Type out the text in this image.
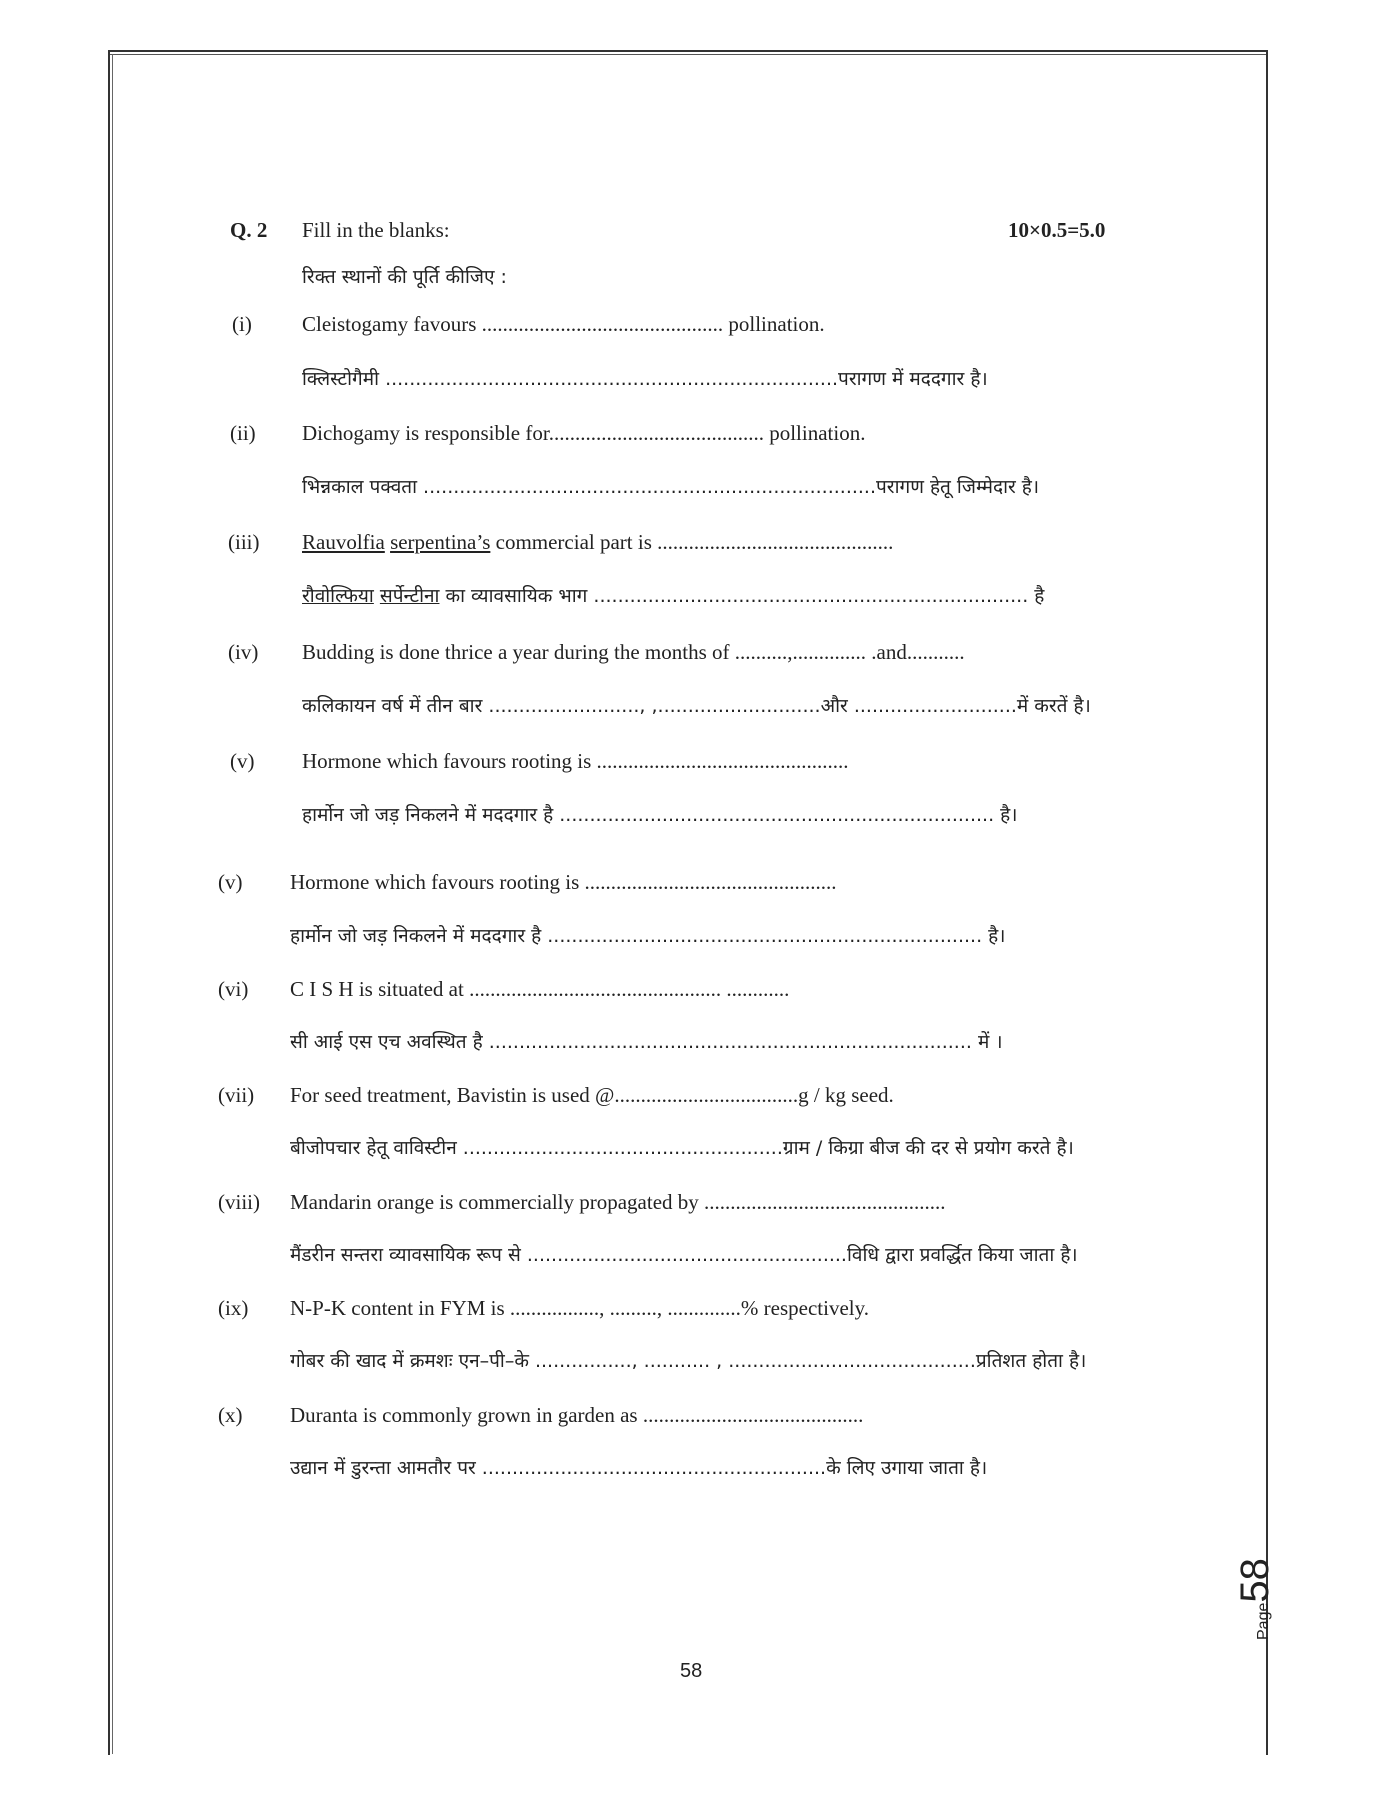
Q. 2 Fill in the blanks:	10×0.5=5.0
रिक्त स्थानों की पूर्ति कीजिए :
(i) Cleistogamy favours .............................................. pollination.
क्लिस्टोगैमी ...........................................................................परागण में मददगार है।
(ii) Dichogamy is responsible for......................................... pollination.
भिन्नकाल पक्वता ...........................................................................परागण हेतू जिम्मेदार है।
(iii) Rauvolfia serpentina’s commercial part is .............................................
रौवोल्फिया सर्पेन्टीना का व्यावसायिक भाग ........................................................................ है
(iv) Budding is done thrice a year during the months of ..........,.............. .and...........
कलिकायन वर्ष में तीन बार ........................., ,...........................और ...........................में करतें है।
(v) Hormone which favours rooting is ................................................
हार्मोन जो जड़ निकलने में मददगार है ........................................................................ है।
(v) Hormone which favours rooting is ................................................
हार्मोन जो जड़ निकलने में मददगार है ........................................................................ है।
(vi) C I S H is situated at ................................................ ............
सी आई एस एच अवस्थित है ................................................................................ में ।
(vii) For seed treatment, Bavistin is used @...................................g / kg seed.
बीजोपचार हेतू वाविस्टीन .....................................................ग्राम / किग्रा बीज की दर से प्रयोग करते है।
(viii) Mandarin orange is commercially propagated by ..............................................
मैंडरीन सन्तरा व्यावसायिक रूप से .....................................................विधि द्वारा प्रवर्द्धित किया जाता है।
(ix) N-P-K content in FYM is ................., ........., ..............% respectively.
गोबर की खाद में क्रमशः एन–पी–के ................, ........... , .........................................प्रतिशत होता है।
(x) Duranta is commonly grown in garden as ..........................................
उद्यान में डुरन्ता आमतौर पर .........................................................के लिए उगाया जाता है।
Page58
58
